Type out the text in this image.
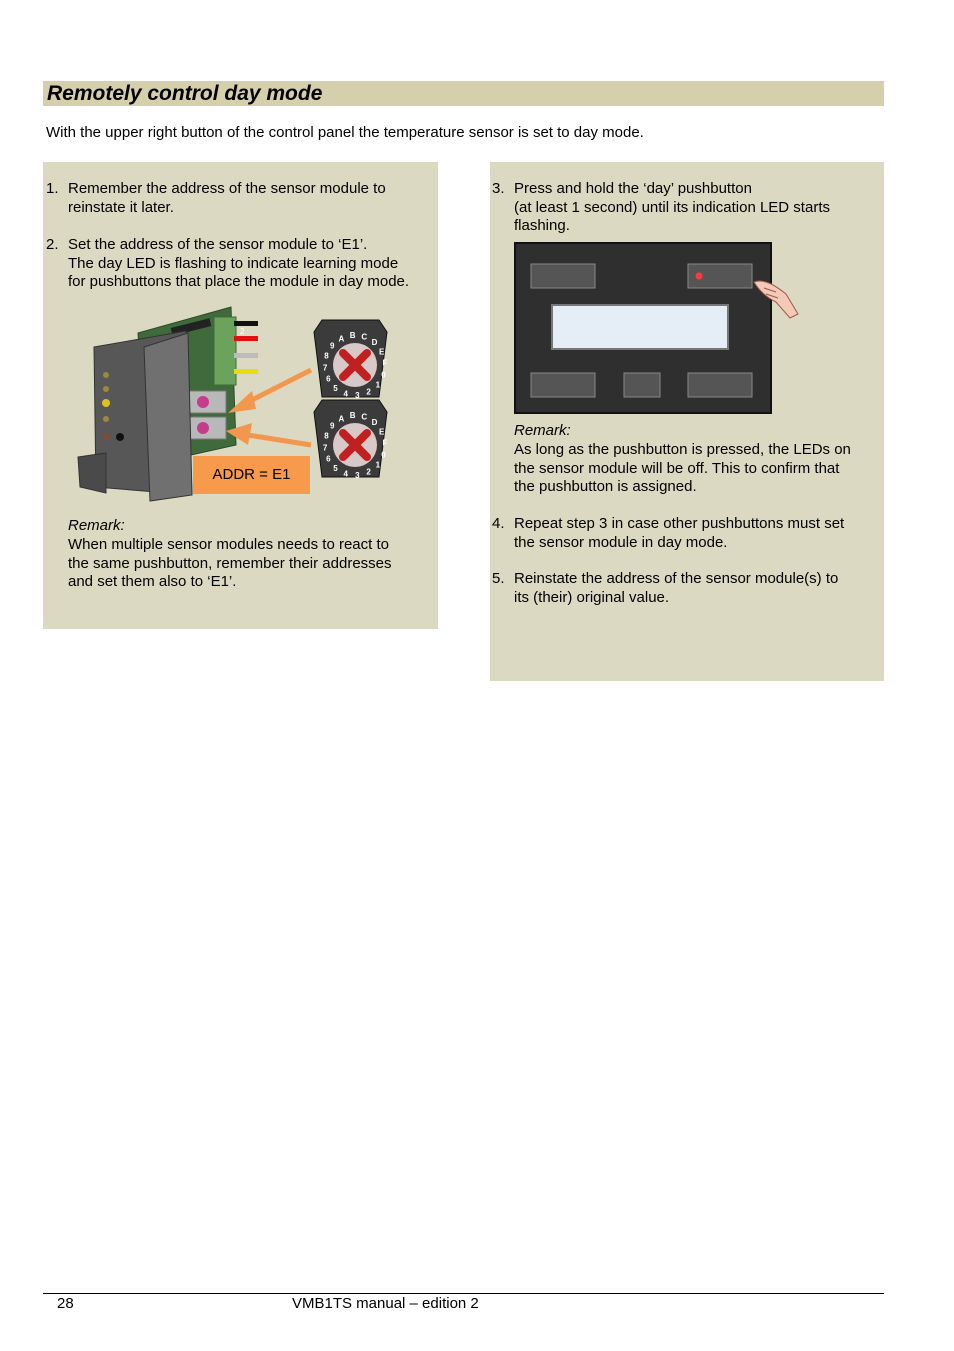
Remotely control day mode
With the upper right button of the control panel the temperature sensor is set to day mode.
1. Remember the address of the sensor module to
reinstate it later.
2. Set the address of the sensor module to ‘E1’.
The day LED is flashing to indicate learning mode
for pushbuttons that place the module in day mode.
2
0
1
2
3
4
5
6
7
8
9
A B C
D
E
F
0
1
2
3
4
5
6
7
8
9
A B C
D
E
F
ADDR = E1
Remark:
When multiple sensor modules needs to react to
the same pushbutton, remember their addresses
and set them also to ‘E1’.
3. Press and hold the ‘day’ pushbutton
(at least 1 second) until its indication LED starts
flashing.
Remark:
As long as the pushbutton is pressed, the LEDs on
the sensor module will be off. This to confirm that
the pushbutton is assigned.
4. Repeat step 3 in case other pushbuttons must set
the sensor module in day mode.
5. Reinstate the address of the sensor module(s) to
its (their) original value.
28	VMB1TS manual – edition 2
